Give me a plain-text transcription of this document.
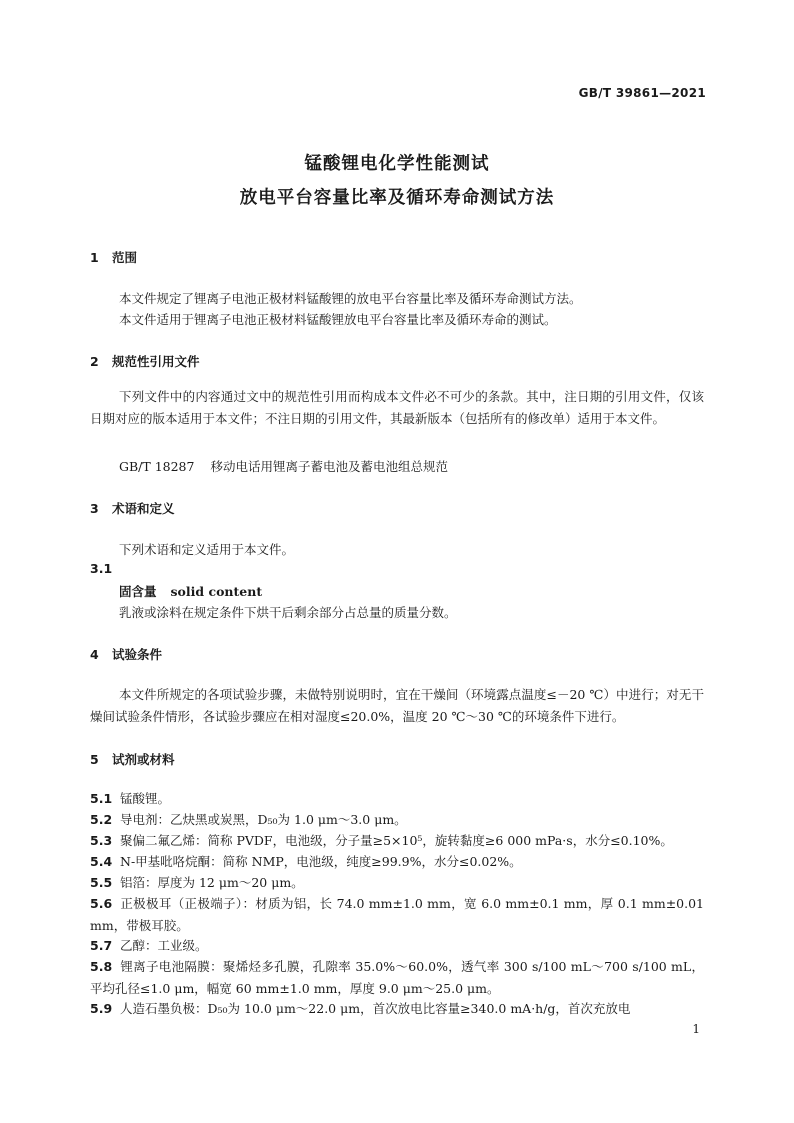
GB/T 39861—2021
锰酸锂电化学性能测试
放电平台容量比率及循环寿命测试方法
1 范围
本文件规定了锂离子电池正极材料锰酸锂的放电平台容量比率及循环寿命测试方法。
本文件适用于锂离子电池正极材料锰酸锂放电平台容量比率及循环寿命的测试。
2 规范性引用文件
下列文件中的内容通过文中的规范性引用而构成本文件必不可少的条款。其中，注日期的引用文件，仅该日期对应的版本适用于本文件；不注日期的引用文件，其最新版本（包括所有的修改单）适用于本文件。
GB/T 18287 移动电话用锂离子蓄电池及蓄电池组总规范
3 术语和定义
下列术语和定义适用于本文件。
3.1
固含量 solid content
乳液或涂料在规定条件下烘干后剩余部分占总量的质量分数。
4 试验条件
本文件所规定的各项试验步骤，未做特别说明时，宜在干燥间（环境露点温度≤－20 ℃）中进行；对无干燥间试验条件情形，各试验步骤应在相对湿度≤20.0%，温度 20 ℃～30 ℃的环境条件下进行。
5 试剂或材料
5.1 锰酸锂。
5.2 导电剂：乙炔黑或炭黑，D₅₀为 1.0 μm～3.0 μm。
5.3 聚偏二氟乙烯：简称 PVDF，电池级，分子量≥5×10⁵，旋转黏度≥6 000 mPa·s，水分≤0.10%。
5.4 N-甲基吡咯烷酮：简称 NMP，电池级，纯度≥99.9%，水分≤0.02%。
5.5 铝箔：厚度为 12 μm～20 μm。
5.6 正极极耳（正极端子）：材质为铝，长 74.0 mm±1.0 mm，宽 6.0 mm±0.1 mm，厚 0.1 mm±0.01 mm，带极耳胶。
5.7 乙醇：工业级。
5.8 锂离子电池隔膜：聚烯烃多孔膜，孔隙率 35.0%～60.0%，透气率 300 s/100 mL～700 s/100 mL，平均孔径≤1.0 μm，幅宽 60 mm±1.0 mm，厚度 9.0 μm～25.0 μm。
5.9 人造石墨负极：D₅₀为 10.0 μm～22.0 μm，首次放电比容量≥340.0 mA·h/g，首次充放电
1
